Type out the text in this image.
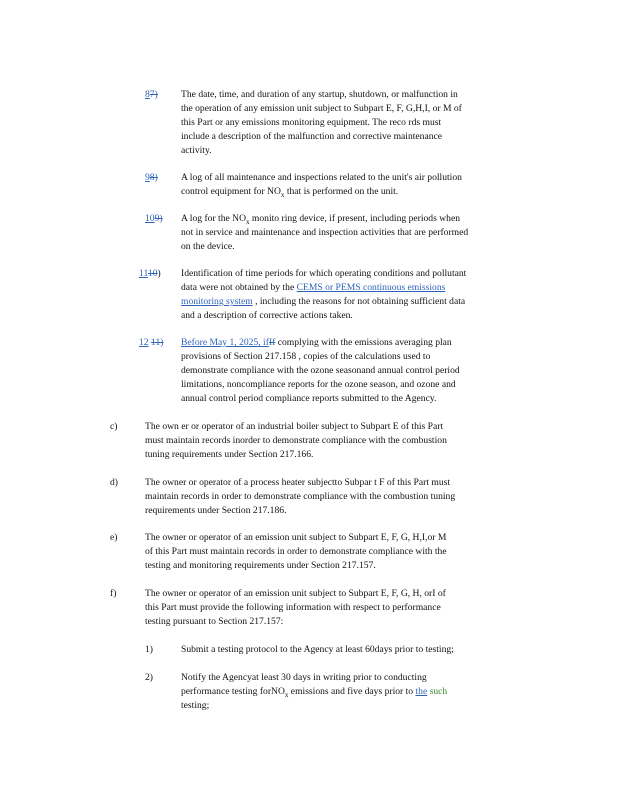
87) The date, time, and duration of any startup, shutdown, or malfunction in
the operation of any emission unit subject to Subpart E, F, G,H,I, or M of
this Part or any emissions monitoring equipment. The reco rds must
include a description of the malfunction and corrective maintenance
activity.
98) A log of all maintenance and inspections related to the unit's air pollution
control equipment for $NO_x$ that is performed on the unit.
109) A log for the $NO_x$ monito ring device, if present, including periods when
not in service and maintenance and inspection activities that are performed
on the device.
1110) Identification of time periods for which operating conditions and pollutant
data were not obtained by the CEMS or PEMS continuous emissions
monitoring system , including the reasons for not obtaining sufficient data
and a description of corrective actions taken.
12 11) Before May 1, 2025, ifIf complying with the emissions averaging plan
provisions of Section 217.158 , copies of the calculations used to
demonstrate compliance with the ozone seasonand annual control period
limitations, noncompliance reports for the ozone season, and ozone and
annual control period compliance reports submitted to the Agency.
c)	The own er or operator of an industrial boiler subject to Subpart E of this Part
must maintain records inorder to demonstrate compliance with the combustion
tuning requirements under Section 217.166.
d)	The owner or operator of a process heater subjectto Subpar t F of this Part must
maintain records in order to demonstrate compliance with the combustion tuning
requirements under Section 217.186.
e)	The owner or operator of an emission unit subject to Subpart E, F, G, H,I,or M
of this Part must maintain records in order to demonstrate compliance with the
testing and monitoring requirements under Section 217.157.
f)	The owner or operator of an emission unit subject to Subpart E, F, G, H, orI of
this Part must provide the following information with respect to performance
testing pursuant to Section 217.157:
1)	Submit a testing protocol to the Agency at least 60days prior to testing;
2)	Notify the Agencyat least 30 days in writing prior to conducting
performance testing forNO$_x$ emissions and five days prior to the such
testing;
